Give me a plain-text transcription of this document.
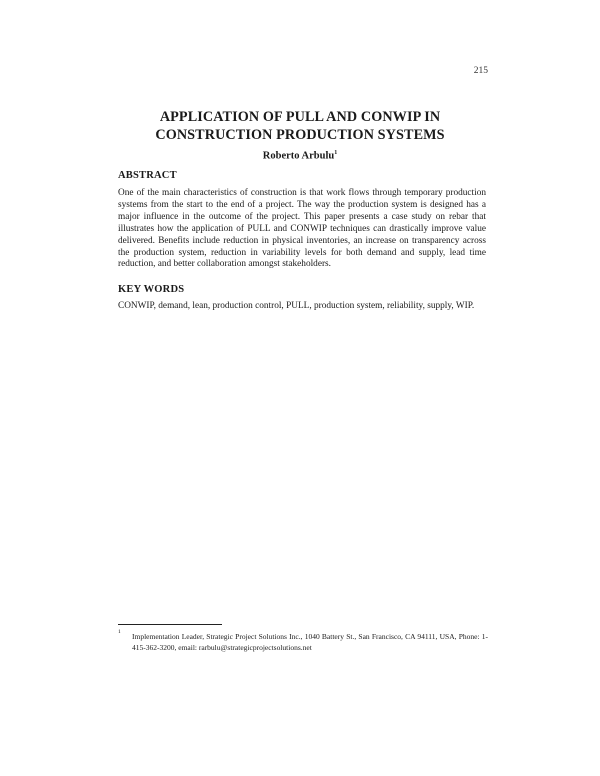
215
APPLICATION OF PULL AND CONWIP IN
CONSTRUCTION PRODUCTION SYSTEMS
Roberto Arbulu$^1$
ABSTRACT
One of the main characteristics of construction is that work flows through temporary production systems from the start to the end of a project. The way the production system is designed has a major influence in the outcome of the project. This paper presents a case study on rebar that illustrates how the application of PULL and CONWIP techniques can drastically improve value delivered. Benefits include reduction in physical inventories, an increase on transparency across the production system, reduction in variability levels for both demand and supply, lead time reduction, and better collaboration amongst stakeholders.
KEY WORDS
CONWIP, demand, lean, production control, PULL, production system, reliability, supply, WIP.
1 Implementation Leader, Strategic Project Solutions Inc., 1040 Battery St., San Francisco, CA 94111, USA, Phone: 1-415-362-3200, email: rarbulu@strategicprojectsolutions.net
